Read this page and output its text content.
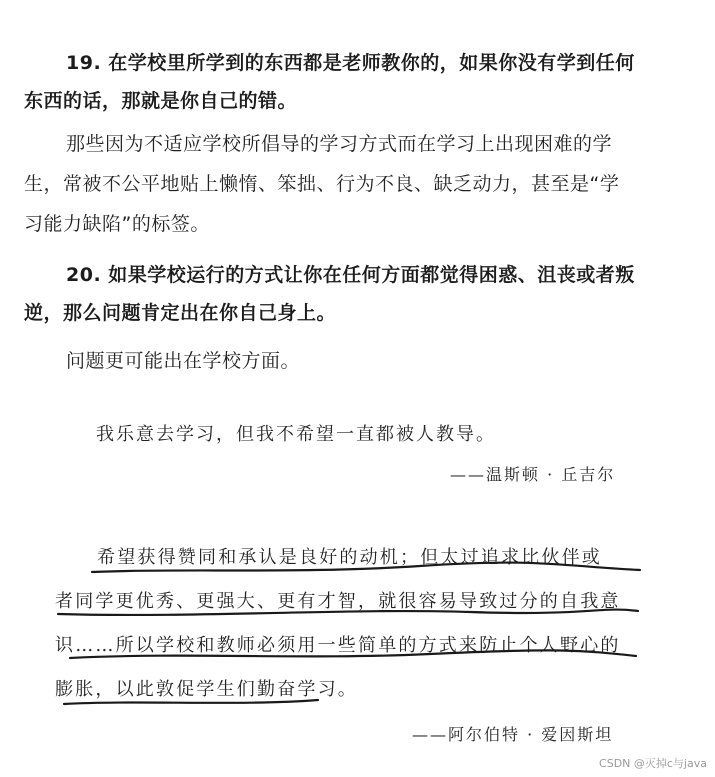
19. 在学校里所学到的东西都是老师教你的，如果你没有学到任何
东西的话，那就是你自己的错。
那些因为不适应学校所倡导的学习方式而在学习上出现困难的学
生，常被不公平地贴上懒惰、笨拙、行为不良、缺乏动力，甚至是“学
习能力缺陷”的标签。
20. 如果学校运行的方式让你在任何方面都觉得困惑、沮丧或者叛
逆，那么问题肯定出在你自己身上。
问题更可能出在学校方面。
我乐意去学习，但我不希望一直都被人教导。
——温斯顿 · 丘吉尔
希望获得赞同和承认是良好的动机；但太过追求比伙伴或
者同学更优秀、更强大、更有才智，就很容易导致过分的自我意
识……所以学校和教师必须用一些简单的方式来防止个人野心的
膨胀，以此敦促学生们勤奋学习。
——阿尔伯特 · 爱因斯坦
CSDN @灭掉c与java
